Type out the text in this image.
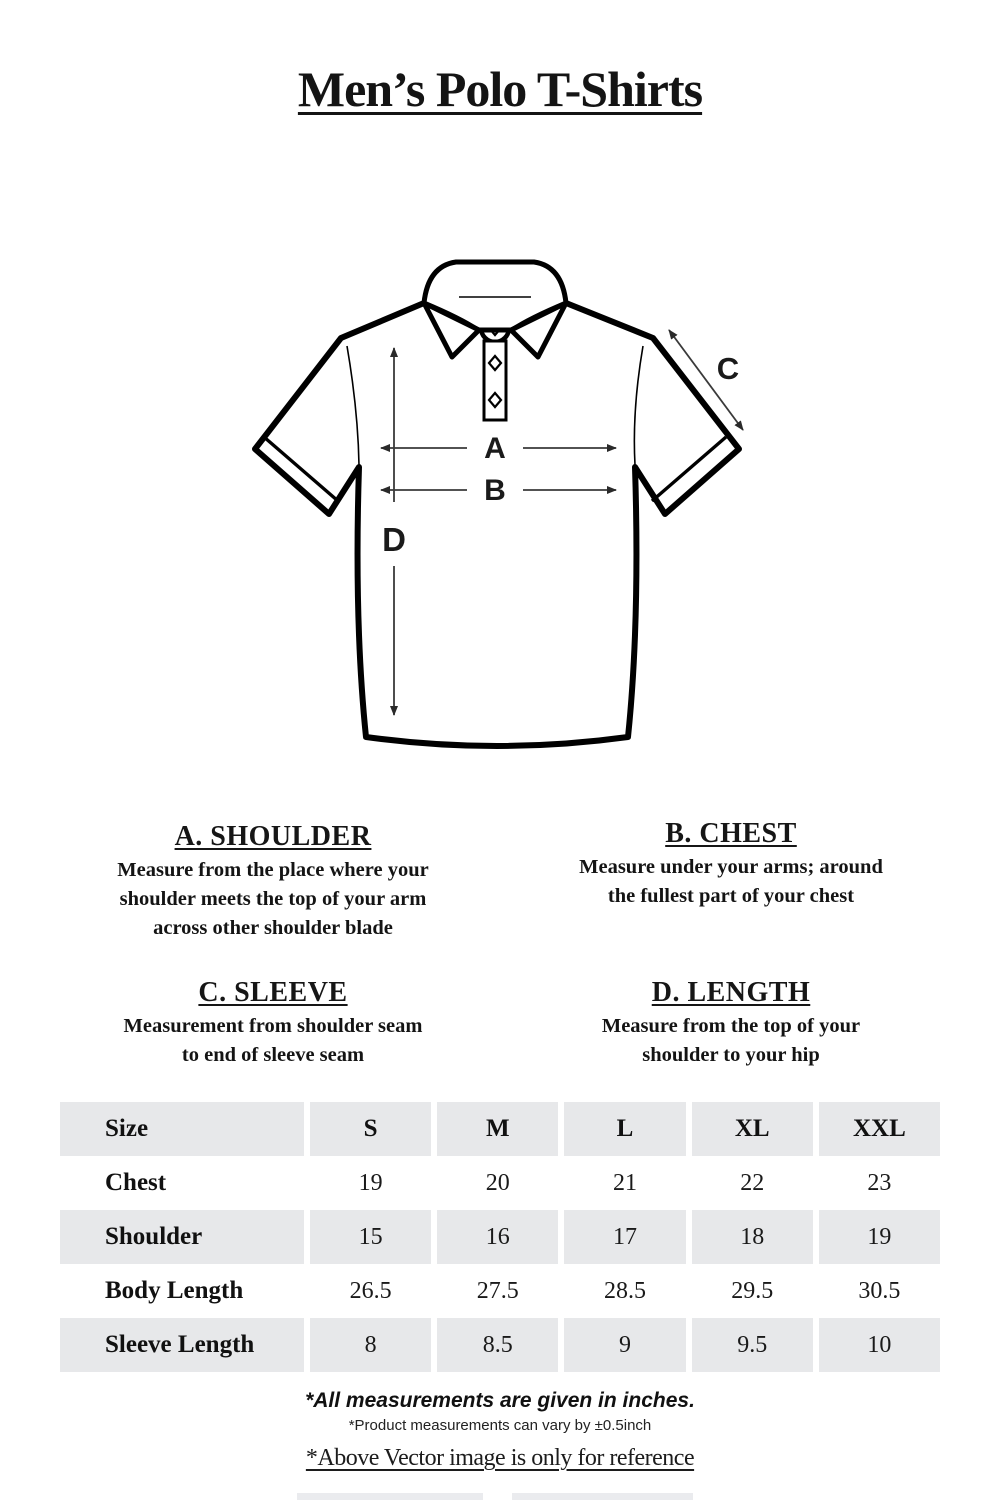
Men’s Polo T-Shirts
A
B
C
D
A. SHOULDER
Measure from the place where your
shoulder meets the top of your arm
across other shoulder blade
B. CHEST
Measure under your arms; around
the fullest part of your chest
C. SLEEVE
Measurement from shoulder seam
to end of sleeve seam
D. LENGTH
Measure from the top of your
shoulder to your hip
Size	S	M	L	XL	XXL
Chest	19	20	21	22	23
Shoulder	15	16	17	18	19
Body Length	26.5	27.5	28.5	29.5	30.5
Sleeve Length	8	8.5	9	9.5	10
*All measurements are given in inches.
*Product measurements can vary by ±0.5inch
*Above Vector image is only for reference
